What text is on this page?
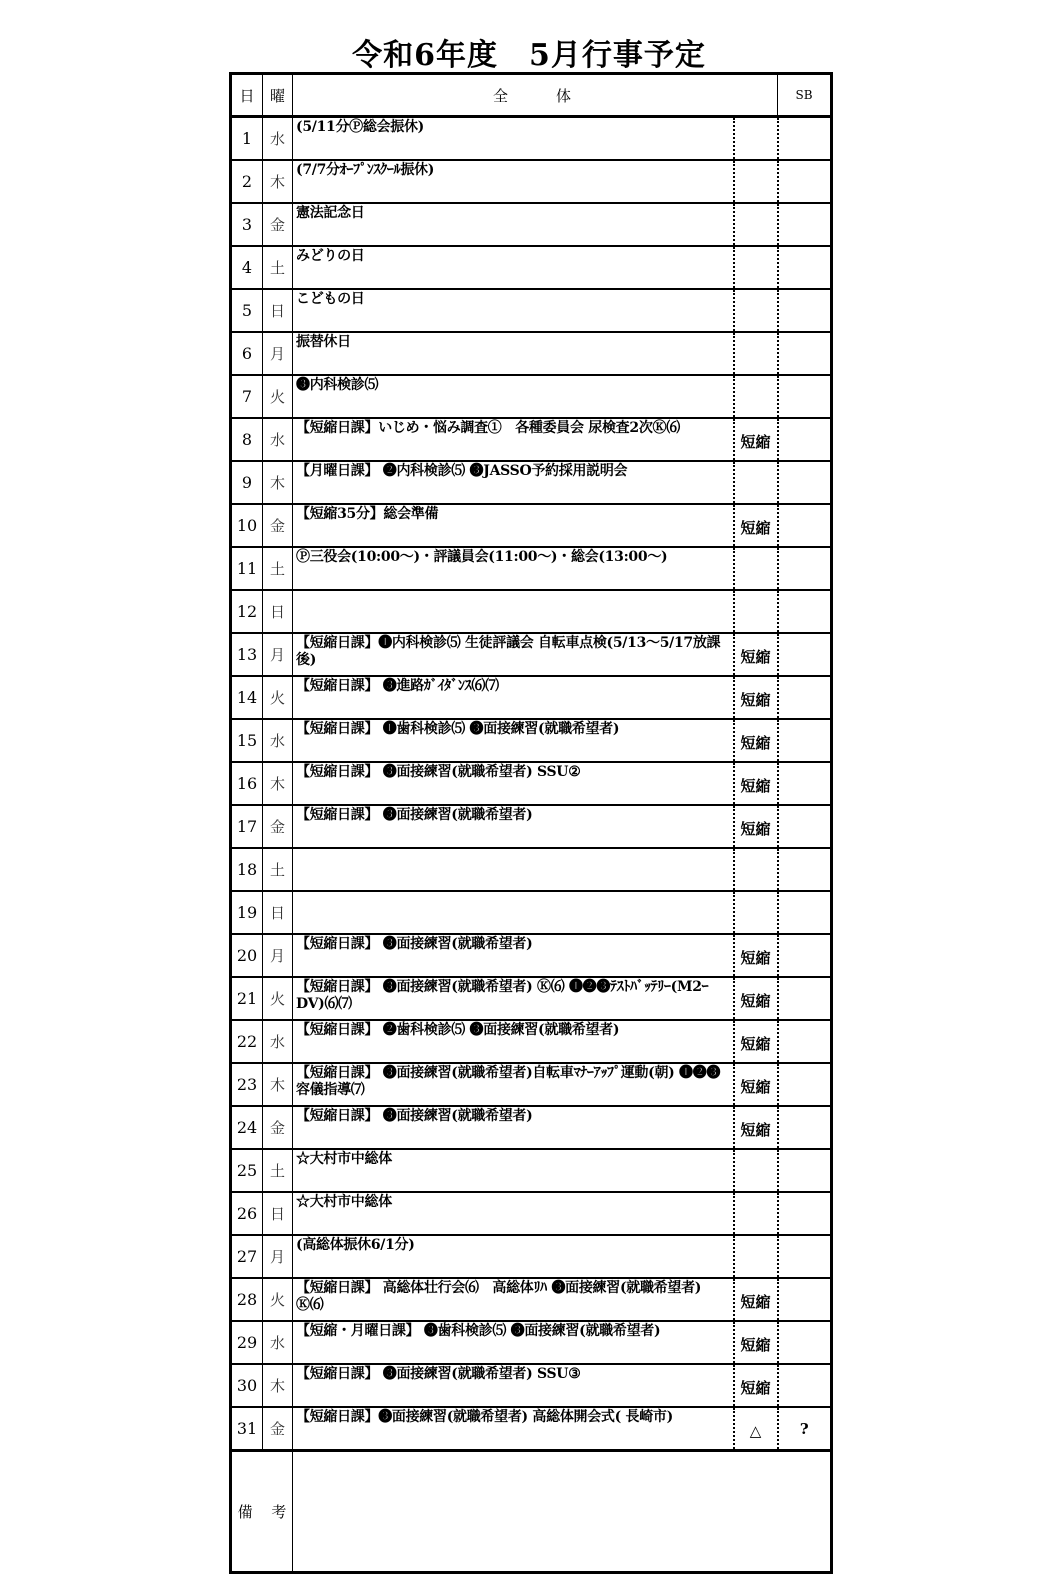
令和6年度　5月行事予定
日	曜	全　　体		SB
1	水	(5/11分Ⓟ総会振休)		
2	木	(7/7分ｵｰﾌﾟﾝｽｸｰﾙ振休)		
3	金	憲法記念日		
4	土	みどりの日		
5	日	こどもの日		
6	月	振替休日		
7	火	❸内科検診⑸		
8	水	【短縮日課】いじめ・悩み調査①　各種委員会 尿検査2次Ⓚ⑹	短縮	
9	木	【月曜日課】 ❷内科検診⑸ ❸JASSO予約採用説明会		
10	金	【短縮35分】総会準備	短縮	
11	土	Ⓟ三役会(10:00～)・評議員会(11:00～)・総会(13:00～)		
12	日			
13	月	【短縮日課】❶内科検診⑸ 生徒評議会 自転車点検(5/13～5/17放課後)	短縮	
14	火	【短縮日課】 ❸進路ｶﾞｲﾀﾞﾝｽ⑹⑺	短縮	
15	水	【短縮日課】 ❶歯科検診⑸ ❸面接練習(就職希望者)	短縮	
16	木	【短縮日課】 ❸面接練習(就職希望者) SSU②	短縮	
17	金	【短縮日課】 ❸面接練習(就職希望者)	短縮	
18	土			
19	日			
20	月	【短縮日課】 ❸面接練習(就職希望者)	短縮	
21	火	【短縮日課】 ❸面接練習(就職希望者) Ⓚ⑹ ❶❷❸ﾃｽﾄﾊﾞｯﾃﾘｰ(M2ｰDV)⑹⑺	短縮	
22	水	【短縮日課】 ❷歯科検診⑸ ❸面接練習(就職希望者)	短縮	
23	木	【短縮日課】 ❸面接練習(就職希望者)自転車ﾏﾅｰｱｯﾌﾟ運動(朝) ❶❷❸容儀指導⑺	短縮	
24	金	【短縮日課】 ❸面接練習(就職希望者)	短縮	
25	土	☆大村市中総体		
26	日	☆大村市中総体		
27	月	(高総体振休6/1分)		
28	火	【短縮日課】 高総体壮行会⑹　高総体ﾘﾊ ❸面接練習(就職希望者) Ⓚ⑹	短縮	
29	水	【短縮・月曜日課】 ❸歯科検診⑸ ❸面接練習(就職希望者)	短縮	
30	木	【短縮日課】 ❸面接練習(就職希望者) SSU③	短縮	
31	金	【短縮日課】❸面接練習(就職希望者) 高総体開会式( 長崎市)	△	?
備 考				
